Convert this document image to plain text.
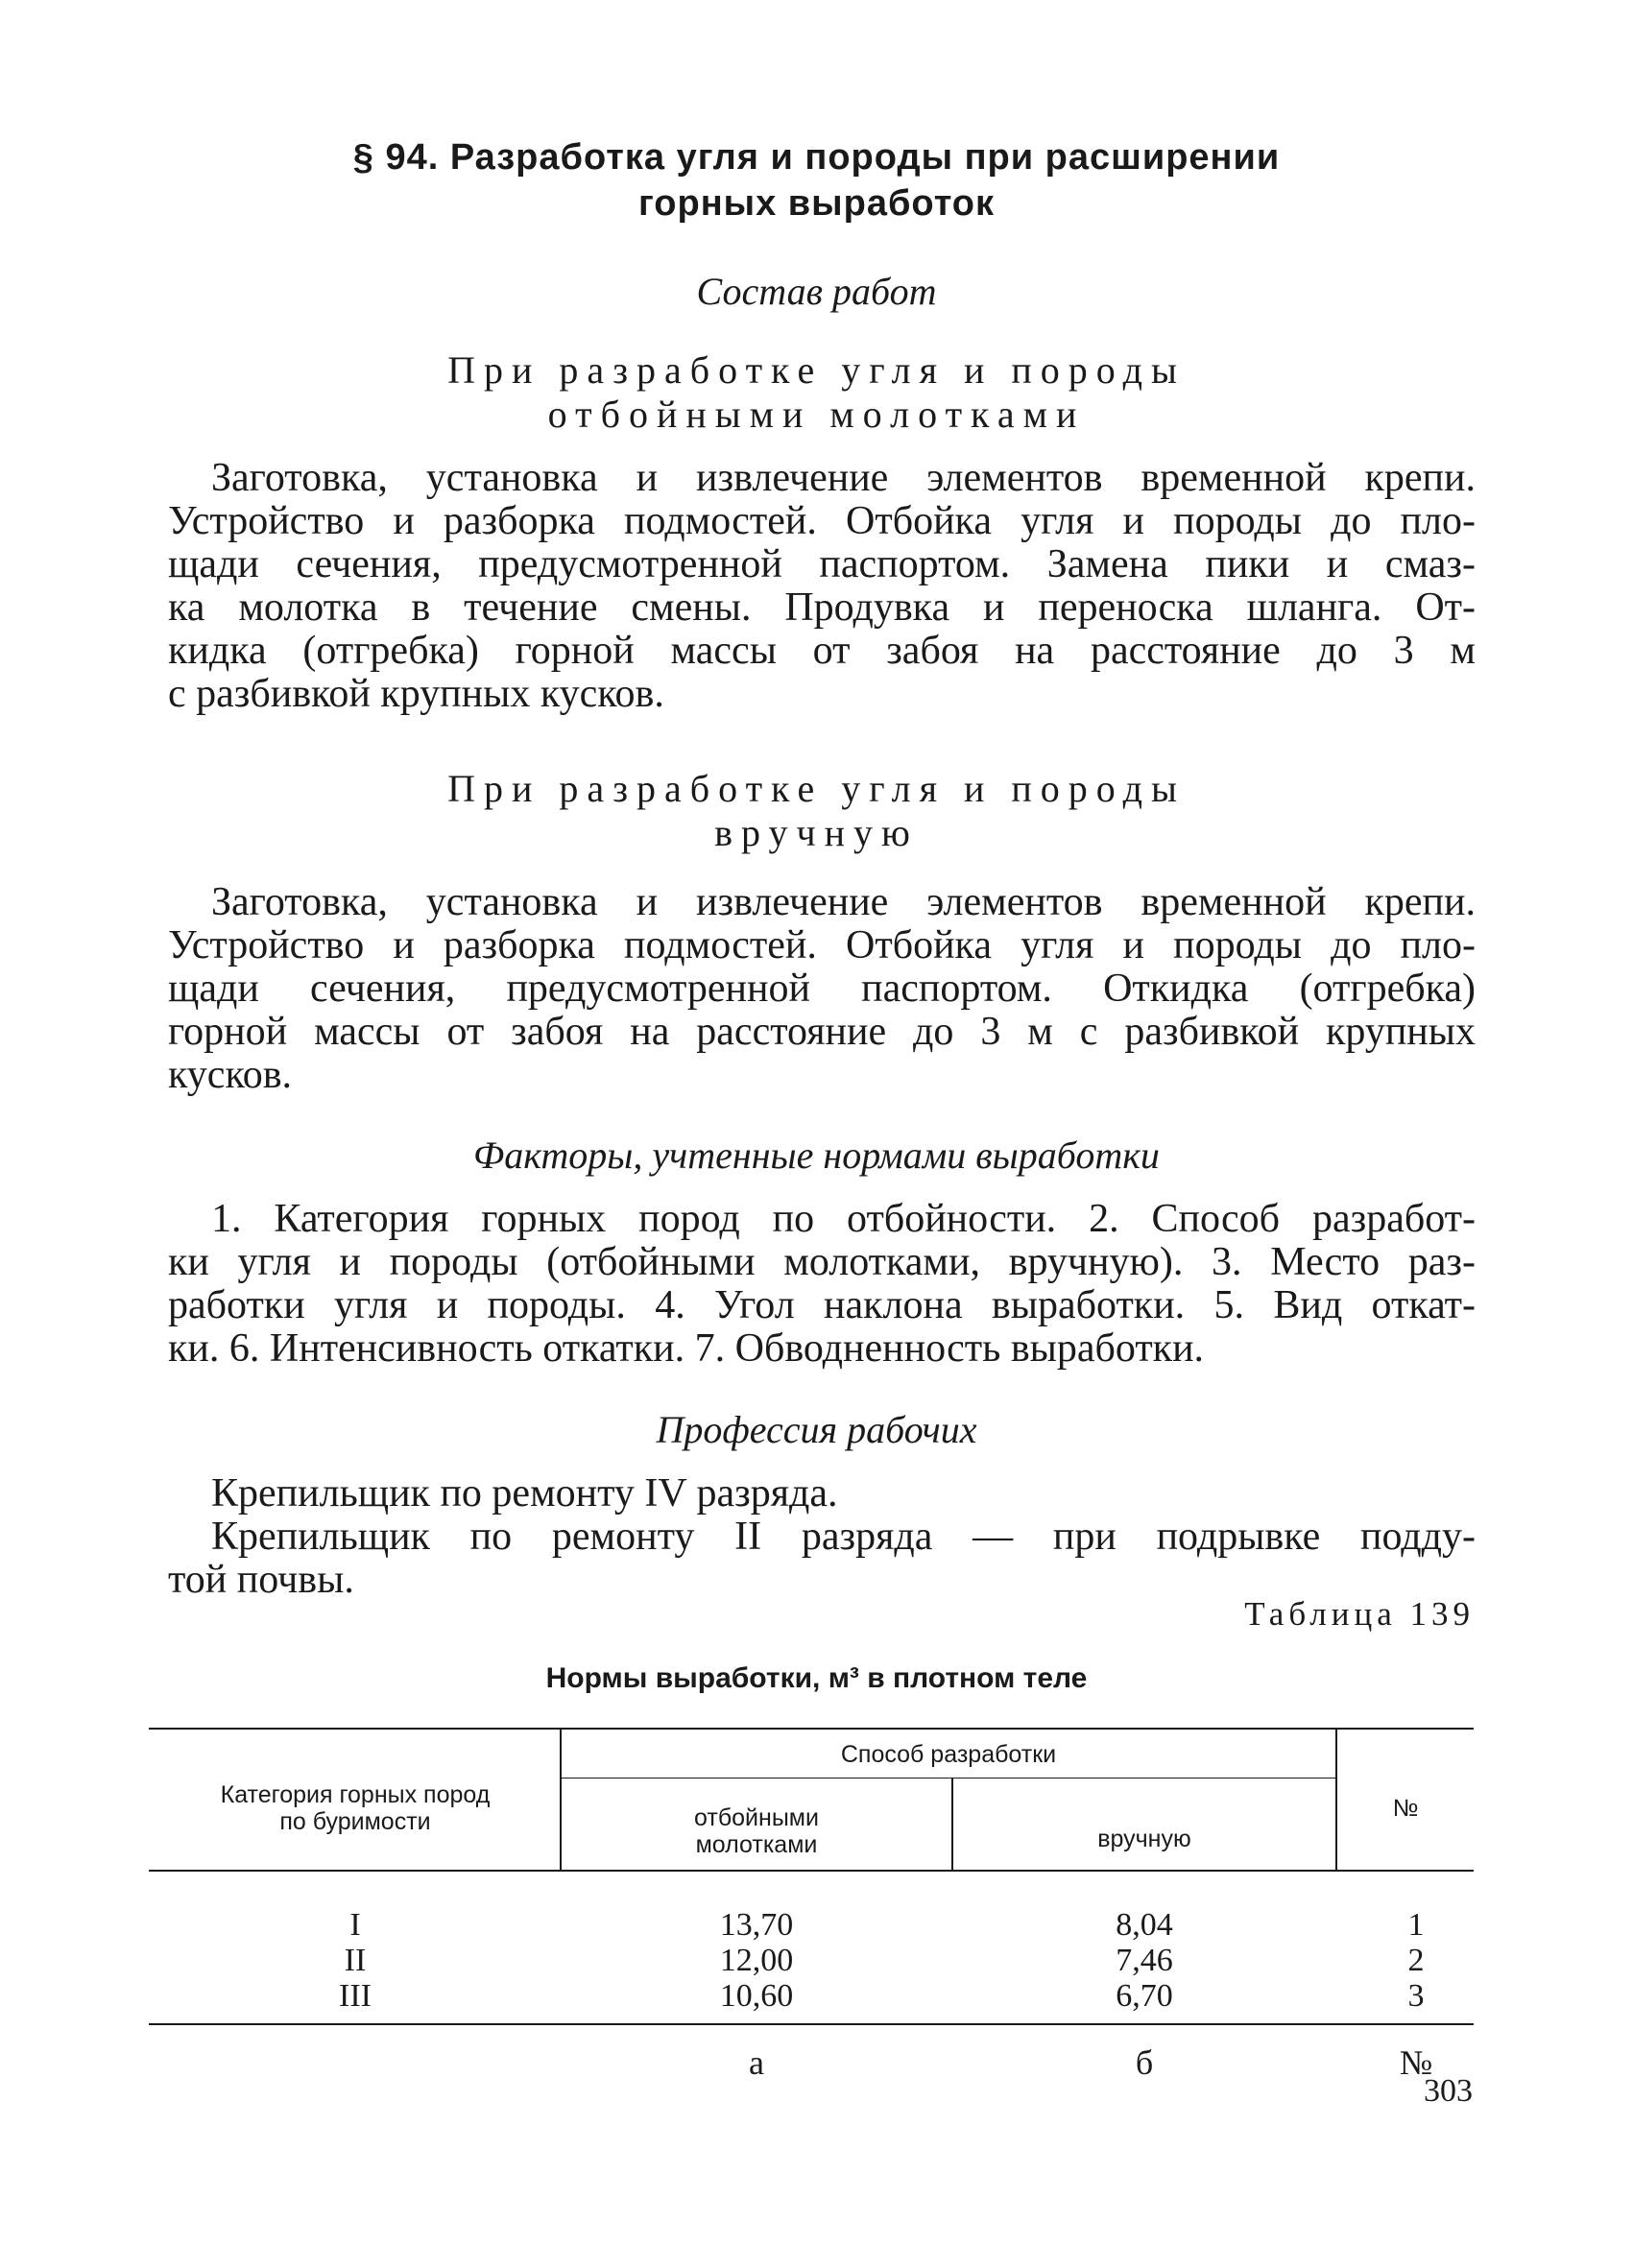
§ 94. Разработка угля и породы при расширении
горных выработок
Состав работ
При разработке угля и породы
отбойными молотками
Заготовка, установка и извлечение элементов временной крепи.
Устройство и разборка подмостей. Отбойка угля и породы до пло-
щади сечения, предусмотренной паспортом. Замена пики и смаз-
ка молотка в течение смены. Продувка и переноска шланга. От-
кидка (отгребка) горной массы от забоя на расстояние до 3 м
с разбивкой крупных кусков.
При разработке угля и породы
вручную
Заготовка, установка и извлечение элементов временной крепи.
Устройство и разборка подмостей. Отбойка угля и породы до пло-
щади сечения, предусмотренной паспортом. Откидка (отгребка)
горной массы от забоя на расстояние до 3 м с разбивкой крупных
кусков.
Факторы, учтенные нормами выработки
1. Категория горных пород по отбойности. 2. Способ разработ-
ки угля и породы (отбойными молотками, вручную). 3. Место раз-
работки угля и породы. 4. Угол наклона выработки. 5. Вид откат-
ки. 6. Интенсивность откатки. 7. Обводненность выработки.
Профессия рабочих
Крепильщик по ремонту IV разряда.
Крепильщик по ремонту II разряда — при подрывке подду-
той почвы.
Таблица 139
Нормы выработки, м³ в плотном теле
Категория горных пород
по буримости
Способ разработки
отбойными
молотками	вручную
№
I	13,70	8,04	1
II	12,00	7,46	2
III	10,60	6,70	3
а	б	№
303
